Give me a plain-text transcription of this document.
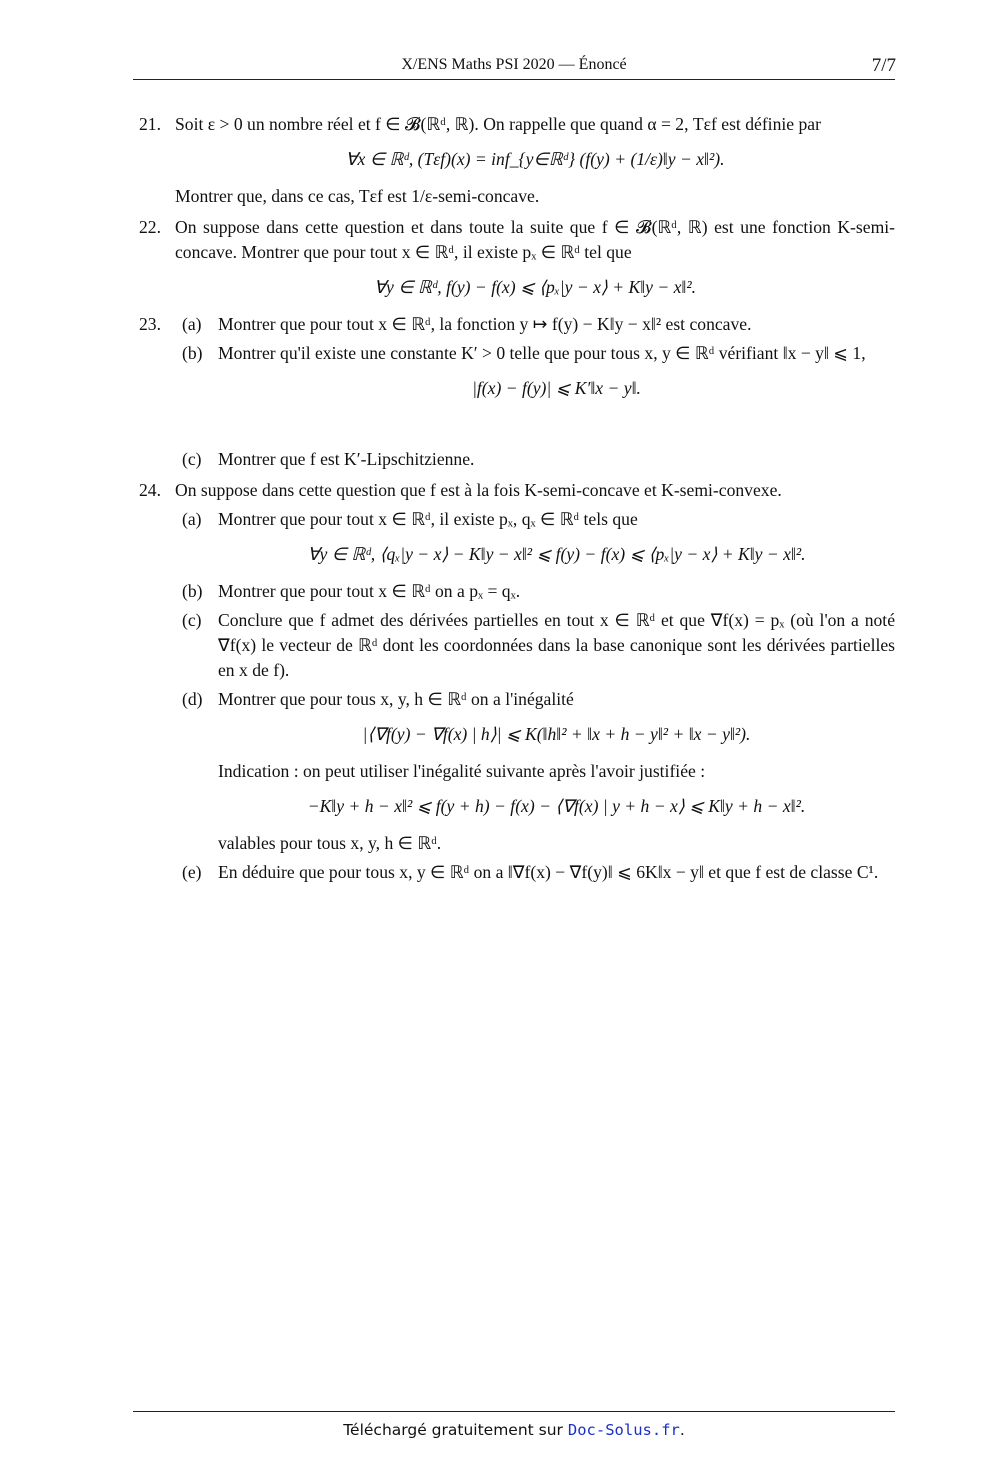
X/ENS Maths PSI 2020 — Énoncé	7/7
21. Soit ε > 0 un nombre réel et f ∈ 𝓑(ℝᵈ, ℝ). On rappelle que quand α = 2, Tεf est définie par

∀x ∈ ℝᵈ, (Tεf)(x) = inf_{y∈ℝᵈ} (f(y) + (1/ε)‖y − x‖²).

Montrer que, dans ce cas, Tεf est 1/ε-semi-concave.

22. On suppose dans cette question et dans toute la suite que f ∈ 𝓑(ℝᵈ, ℝ) est une fonction K-semi-concave. Montrer que pour tout x ∈ ℝᵈ, il existe pₓ ∈ ℝᵈ tel que

∀y ∈ ℝᵈ, f(y) − f(x) ⩽ ⟨pₓ|y − x⟩ + K‖y − x‖².
23. (a) Montrer que pour tout x ∈ ℝᵈ, la fonction y ↦ f(y) − K‖y − x‖² est concave.

(b) Montrer qu'il existe une constante K′ > 0 telle que pour tous x, y ∈ ℝᵈ vérifiant ‖x − y‖ ⩽ 1,

|f(x) − f(y)| ⩽ K′‖x − y‖.
(c) Montrer que f est K′-Lipschitzienne.

24. On suppose dans cette question que f est à la fois K-semi-concave et K-semi-convexe.

(a) Montrer que pour tout x ∈ ℝᵈ, il existe pₓ, qₓ ∈ ℝᵈ tels que

∀y ∈ ℝᵈ, ⟨qₓ|y − x⟩ − K‖y − x‖² ⩽ f(y) − f(x) ⩽ ⟨pₓ|y − x⟩ + K‖y − x‖².
(b) Montrer que pour tout x ∈ ℝᵈ on a pₓ = qₓ.

(c) Conclure que f admet des dérivées partielles en tout x ∈ ℝᵈ et que ∇f(x) = pₓ (où l'on a noté ∇f(x) le vecteur de ℝᵈ dont les coordonnées dans la base canonique sont les dérivées partielles en x de f).

(d) Montrer que pour tous x, y, h ∈ ℝᵈ on a l'inégalité

|⟨∇f(y) − ∇f(x) | h⟩| ⩽ K(‖h‖² + ‖x + h − y‖² + ‖x − y‖²).

Indication : on peut utiliser l'inégalité suivante après l'avoir justifiée :

−K‖y + h − x‖² ⩽ f(y + h) − f(x) − ⟨∇f(x) | y + h − x⟩ ⩽ K‖y + h − x‖².

valables pour tous x, y, h ∈ ℝᵈ.

(e) En déduire que pour tous x, y ∈ ℝᵈ on a ‖∇f(x) − ∇f(y)‖ ⩽ 6K‖x − y‖ et que f est de classe C¹.

Téléchargé gratuitement sur Doc-Solus.fr.
